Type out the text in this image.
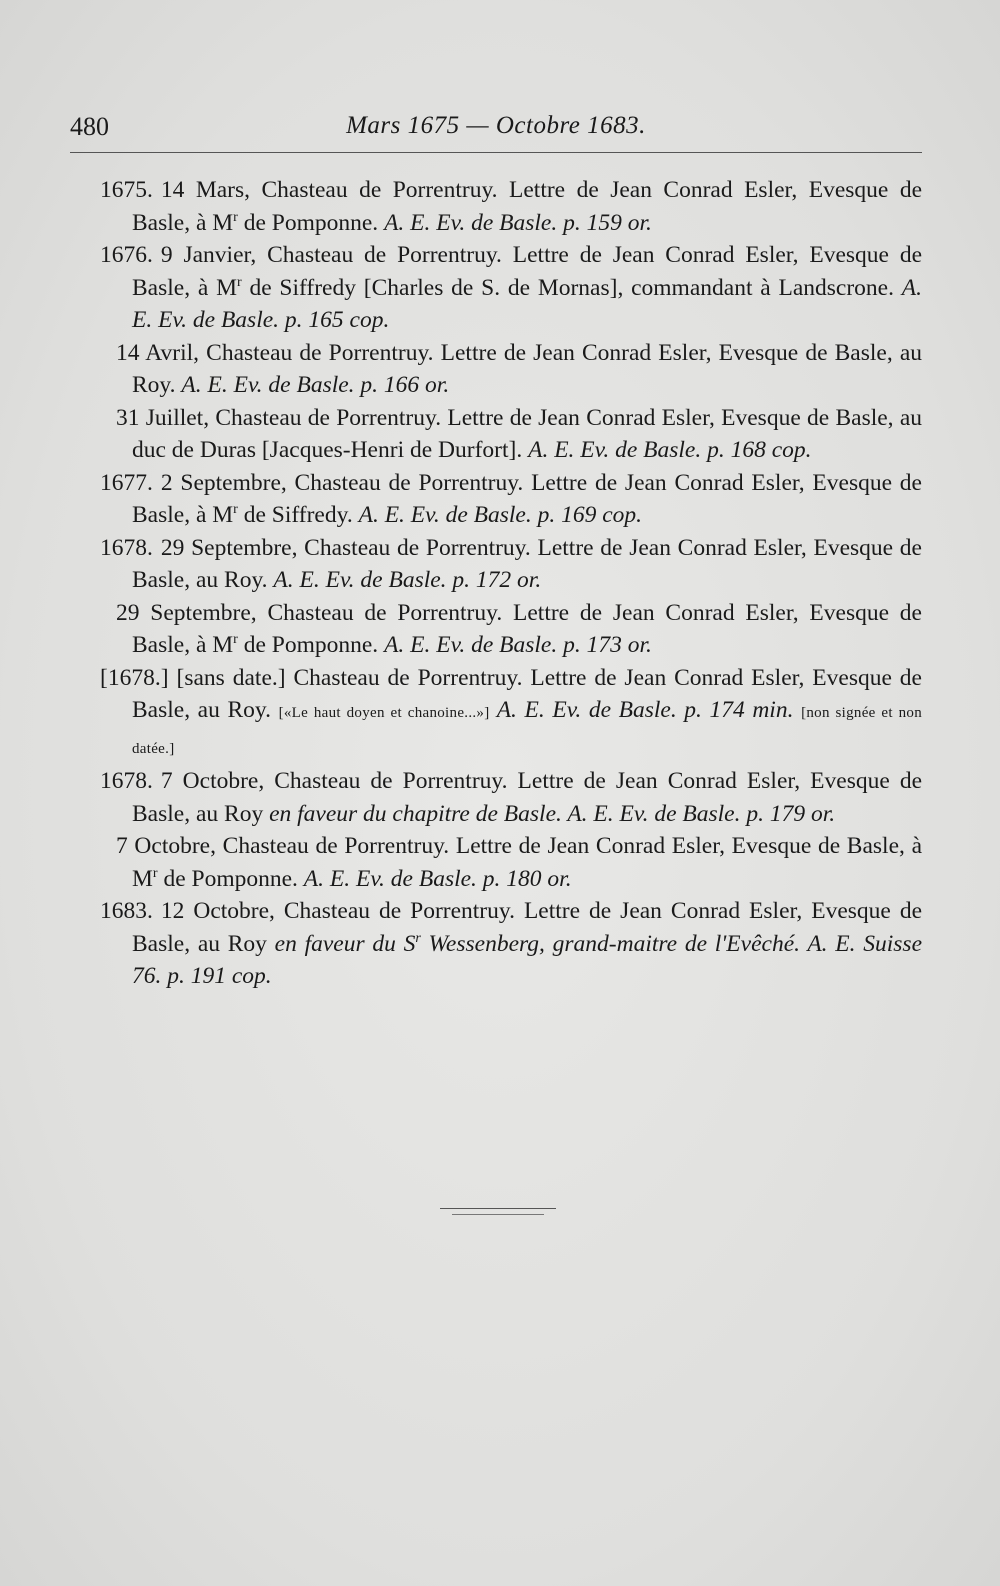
480	Mars 1675 — Octobre 1683.

1675. 14 Mars, Chasteau de Porrentruy. Lettre de Jean Conrad Esler, Evesque de Basle, à $M^r$ de Pomponne. A. E. Ev. de Basle. p. 159 or.

1676. 9 Janvier, Chasteau de Porrentruy. Lettre de Jean Conrad Esler, Evesque de Basle, à $M^r$ de Siffredy [Charles de S. de Mornas], commandant à Landscrone. A. E. Ev. de Basle. p. 165 cop.

14 Avril, Chasteau de Porrentruy. Lettre de Jean Conrad Esler, Evesque de Basle, au Roy. A. E. Ev. de Basle. p. 166 or.

31 Juillet, Chasteau de Porrentruy. Lettre de Jean Conrad Esler, Evesque de Basle, au duc de Duras [Jacques-Henri de Durfort]. A. E. Ev. de Basle. p. 168 cop.

1677. 2 Septembre, Chasteau de Porrentruy. Lettre de Jean Conrad Esler, Evesque de Basle, à $M^r$ de Siffredy. A. E. Ev. de Basle. p. 169 cop.

1678. 29 Septembre, Chasteau de Porrentruy. Lettre de Jean Conrad Esler, Evesque de Basle, au Roy. A. E. Ev. de Basle. p. 172 or.

29 Septembre, Chasteau de Porrentruy. Lettre de Jean Conrad Esler, Evesque de Basle, à $M^r$ de Pomponne. A. E. Ev. de Basle. p. 173 or.

[1678.] [sans date.] Chasteau de Porrentruy. Lettre de Jean Conrad Esler, Evesque de Basle, au Roy. [«Le haut doyen et chanoine...»] A. E. Ev. de Basle. p. 174 min. [non signée et non datée.]

1678. 7 Octobre, Chasteau de Porrentruy. Lettre de Jean Conrad Esler, Evesque de Basle, au Roy en faveur du chapitre de Basle. A. E. Ev. de Basle. p. 179 or.

7 Octobre, Chasteau de Porrentruy. Lettre de Jean Conrad Esler, Evesque de Basle, à $M^r$ de Pomponne. A. E. Ev. de Basle. p. 180 or.

1683. 12 Octobre, Chasteau de Porrentruy. Lettre de Jean Conrad Esler, Evesque de Basle, au Roy en faveur du S$^r$ Wessenberg, grand-maitre de l'Evêché. A. E. Suisse 76. p. 191 cop.
